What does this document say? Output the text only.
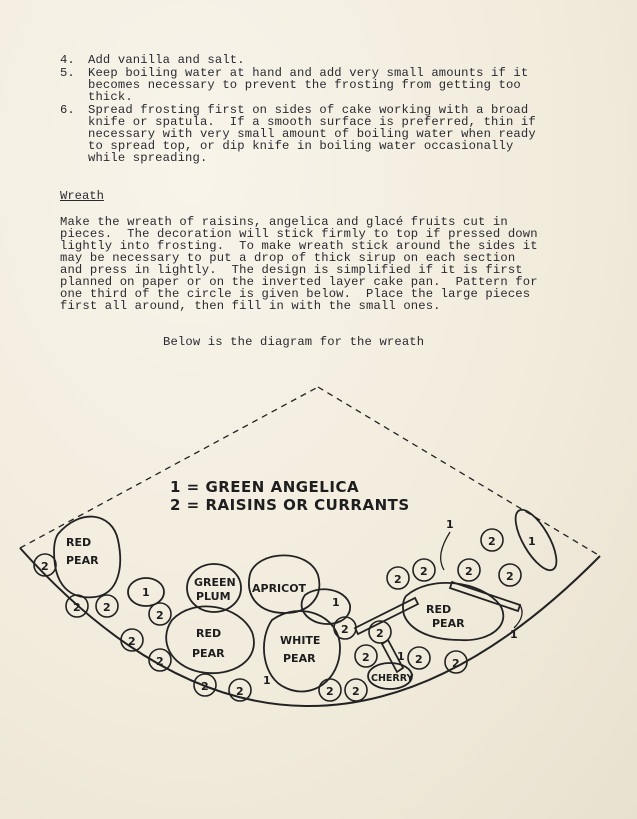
4. Add vanilla and salt.
5. Keep boiling water at hand and add very small amounts if it
becomes necessary to prevent the frosting from getting too
thick.
6. Spread frosting first on sides of cake working with a broad
knife or spatula.  If a smooth surface is preferred, thin if
necessary with very small amount of boiling water when ready
to spread top, or dip knife in boiling water occasionally
while spreading.
Wreath
Make the wreath of raisins, angelica and glacé fruits cut in
pieces.  The decoration will stick firmly to top if pressed down
lightly into frosting.  To make wreath stick around the sides it
may be necessary to put a drop of thick sirup on each section
and press in lightly.  The design is simplified if it is first
planned on paper or on the inverted layer cake pan.  Pattern for
one third of the circle is given below.  Place the large pieces
first all around, then fill in with the small ones.
Below is the diagram for the wreath
1 = GREEN ANGELICA
2 = RAISINS OR CURRANTS
RED
PEAR
GREEN
PLUM
APRICOT
RED
PEAR
WHITE
PEAR
CHERRY
RED
PEAR
2
2 2
1
2
2
2
2 2
1
2 2
1
2 2
2 1 2	2
2
2	2
2
2
1
1
1
